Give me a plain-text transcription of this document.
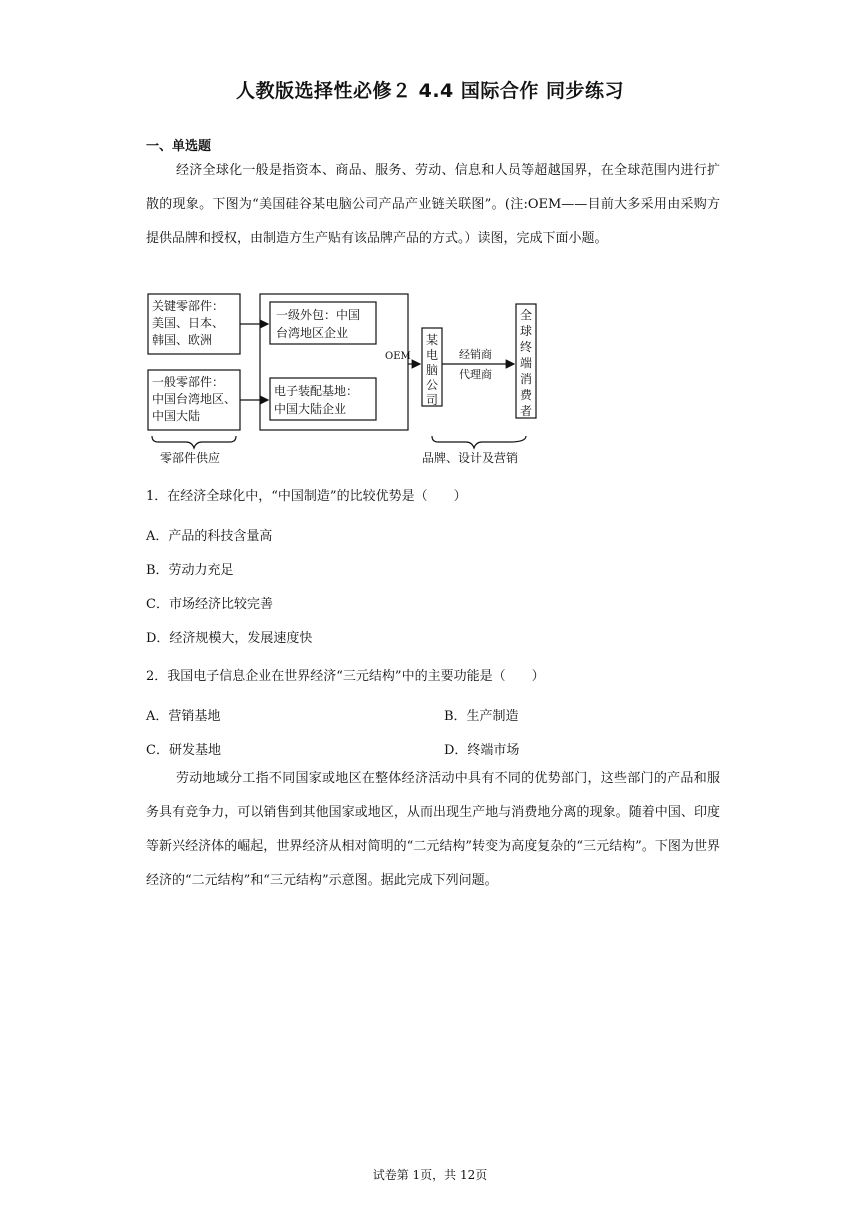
人教版选择性必修２ 4.4 国际合作 同步练习
一、单选题

经济全球化一般是指资本、商品、服务、劳动、信息和人员等超越国界，在全球范围内进行扩散的现象。下图为“美国硅谷某电脑公司产品产业链关联图”。(注:OEM——目前大多采用由采购方提供品牌和授权，由制造方生产贴有该品牌产品的方式。）读图，完成下面小题。

关键零部件：
美国、日本、
韩国、欧洲
一般零部件：
中国台湾地区、
中国大陆
一级外包：中国
台湾地区企业
电子装配基地：
中国大陆企业
OEM
某
电
脑
公
司
经销商
代理商
全
球
终
端
消
费
者
零部件供应	品牌、设计及营销
1．在经济全球化中，“中国制造”的比较优势是（　　）
A．产品的科技含量高
B．劳动力充足
C．市场经济比较完善
D．经济规模大，发展速度快
2．我国电子信息企业在世界经济“三元结构”中的主要功能是（　　）
A．营销基地	B．生产制造
C．研发基地	D．终端市场

劳动地域分工指不同国家或地区在整体经济活动中具有不同的优势部门，这些部门的产品和服务具有竞争力，可以销售到其他国家或地区，从而出现生产地与消费地分离的现象。随着中国、印度等新兴经济体的崛起，世界经济从相对简明的“二元结构”转变为高度复杂的“三元结构”。下图为世界经济的“二元结构”和“三元结构”示意图。据此完成下列问题。

试卷第 1页，共 12页
